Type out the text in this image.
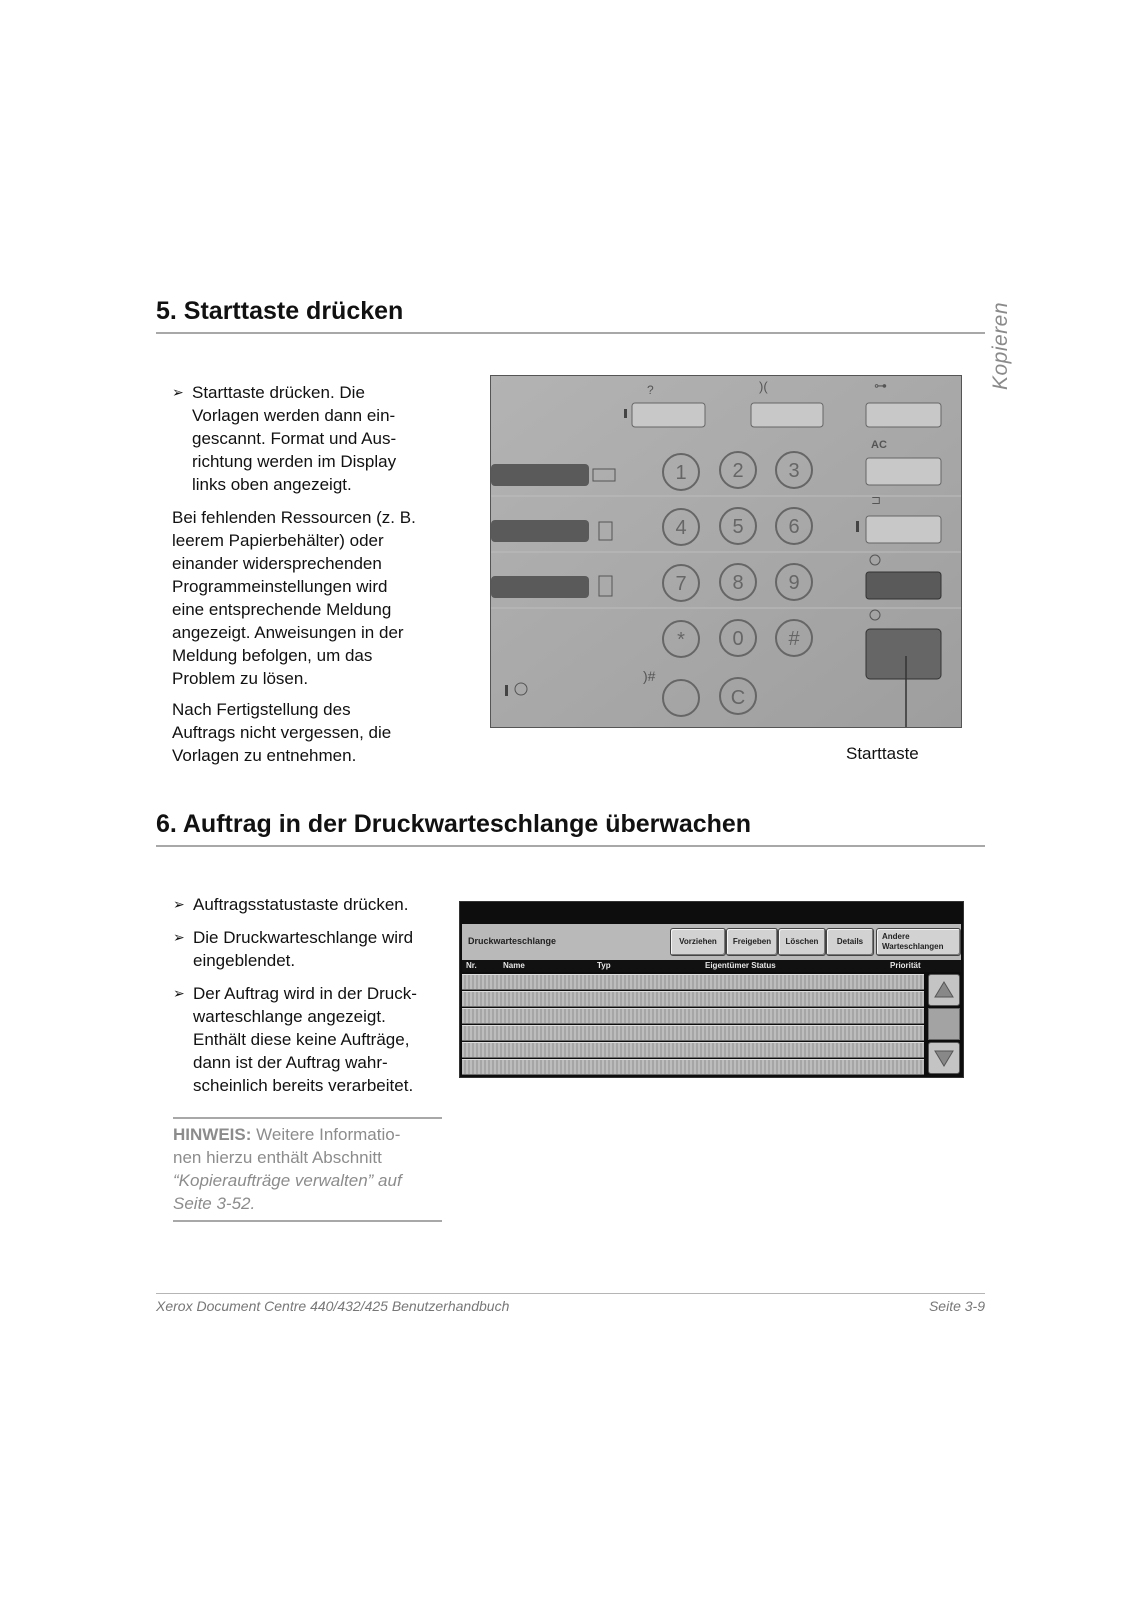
Kopieren
5. Starttaste drücken
➢ Starttaste drücken. Die
Vorlagen werden dann ein-
gescannt. Format und Aus-
richtung werden im Display
links oben angezeigt.

Bei fehlenden Ressourcen (z. B.
leerem Papierbehälter) oder
einander widersprechenden
Programmeinstellungen wird
eine entsprechende Meldung
angezeigt. Anweisungen in der
Meldung befolgen, um das
Problem zu lösen.

Nach Fertigstellung des
Auftrags nicht vergessen, die
Vorlagen zu entnehmen.

?	)(	⊶
AC
⊐
1 2 3
4 5 6
7 8 9
* 0 #
C
)#
Starttaste
6. Auftrag in der Druckwarteschlange überwachen
➢ Auftragsstatustaste drücken.
➢ Die Druckwarteschlange wird
eingeblendet.
➢ Der Auftrag wird in der Druck-
warteschlange angezeigt.
Enthält diese keine Aufträge,
dann ist der Auftrag wahr-
scheinlich bereits verarbeitet.
HINWEIS: Weitere Informatio-
nen hierzu enthält Abschnitt
“Kopieraufträge verwalten” auf
Seite 3-52.
Druckwarteschlange	Vorziehen	Freigeben	Löschen	Details
Andere
Warteschlangen
Nr.	Name	Typ	Eigentümer Status	Priorität
Xerox Document Centre 440/432/425 Benutzerhandbuch	Seite 3-9
